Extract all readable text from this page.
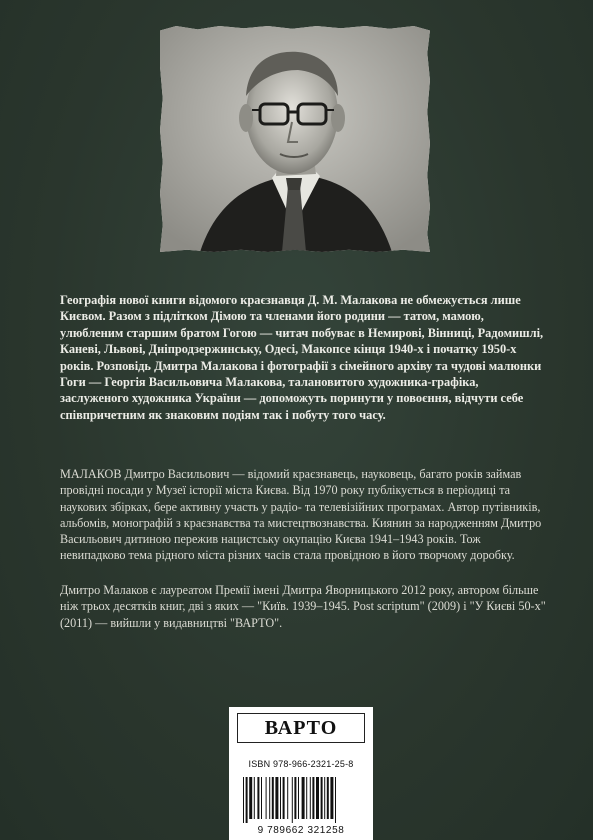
Географія нової книги відомого краєзнавця Д. М. Малакова не обмежується лише Києвом. Разом з підлітком Дімою та членами його родини — татом, мамою, улюбленим старшим братом Гогою — читач побуває в Немирові, Вінниці, Радомишлі, Каневі, Львові, Дніпродзержинську, Одесі, Макопсе кінця 1940-х і початку 1950-х років. Розповідь Дмитра Малакова і фотографії з сімейного архіву та чудові малюнки Гоги — Георгія Васильовича Малакова, талановитого художника-графіка, заслуженого художника України — допоможуть поринути у повоєння, відчути себе співпричетним як знаковим подіям так і побуту того часу.

МАЛАКОВ Дмитро Васильович — відомий краєзнавець, науковець, багато років займав провідні посади у Музеї історії міста Києва. Від 1970 року публікується в періодиці та наукових збірках, бере активну участь у радіо- та телевізійних програмах. Автор путівників, альбомів, монографій з краєзнавства та мистецтвознавства. Киянин за народженням Дмитро Васильович дитиною пережив нацистську окупацію Києва 1941–1943 років. Тож невипадково тема рідного міста різних часів стала провідною в його творчому доробку.

Дмитро Малаков є лауреатом Премії імені Дмитра Яворницького 2012 року, автором більше ніж трьох десятків книг, дві з яких — "Київ. 1939–1945. Post scriptum" (2009) і "У Києві 50-х" (2011) — вийшли у видавництві "ВАРТО".

ВАРТО
ISBN 978-966-2321-25-8
9 789662 321258
